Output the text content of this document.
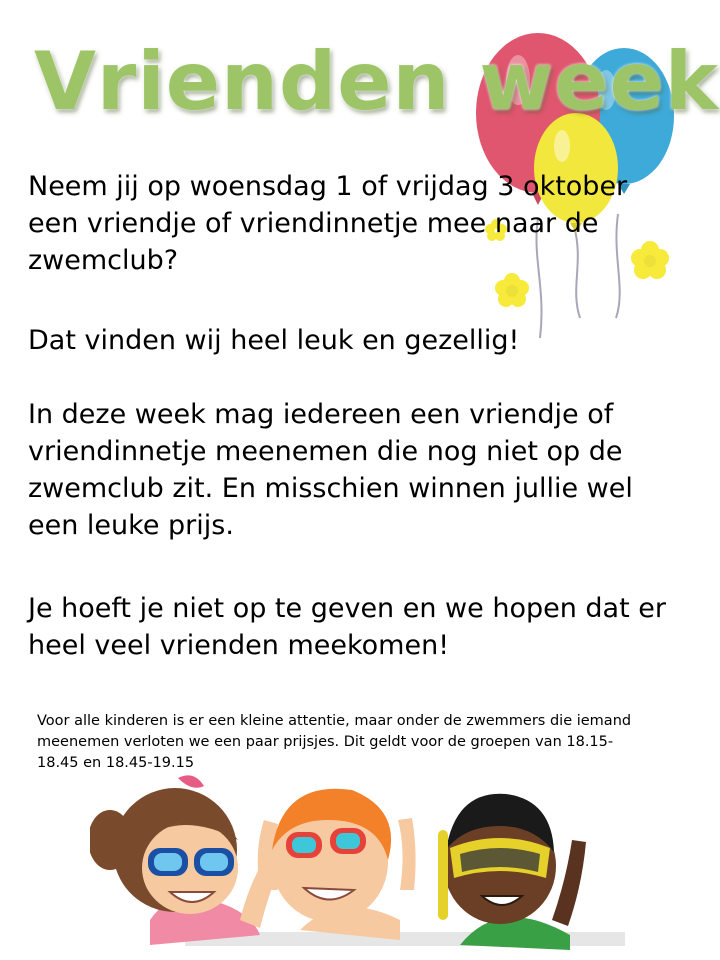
Vrienden week

Neem jij op woensdag 1 of vrijdag 3 oktober een vriendje of vriendinnetje mee naar de zwemclub?

Dat vinden wij heel leuk en gezellig!

In deze week mag iedereen een vriendje of vriendinnetje meenemen die nog niet op de zwemclub zit. En misschien winnen jullie wel een leuke prijs.

Je hoeft je niet op te geven en we hopen dat er heel veel vrienden meekomen!

Voor alle kinderen is er een kleine attentie, maar onder de zwemmers die iemand meenemen verloten we een paar prijsjes. Dit geldt voor de groepen van 18.15-18.45 en 18.45-19.15
